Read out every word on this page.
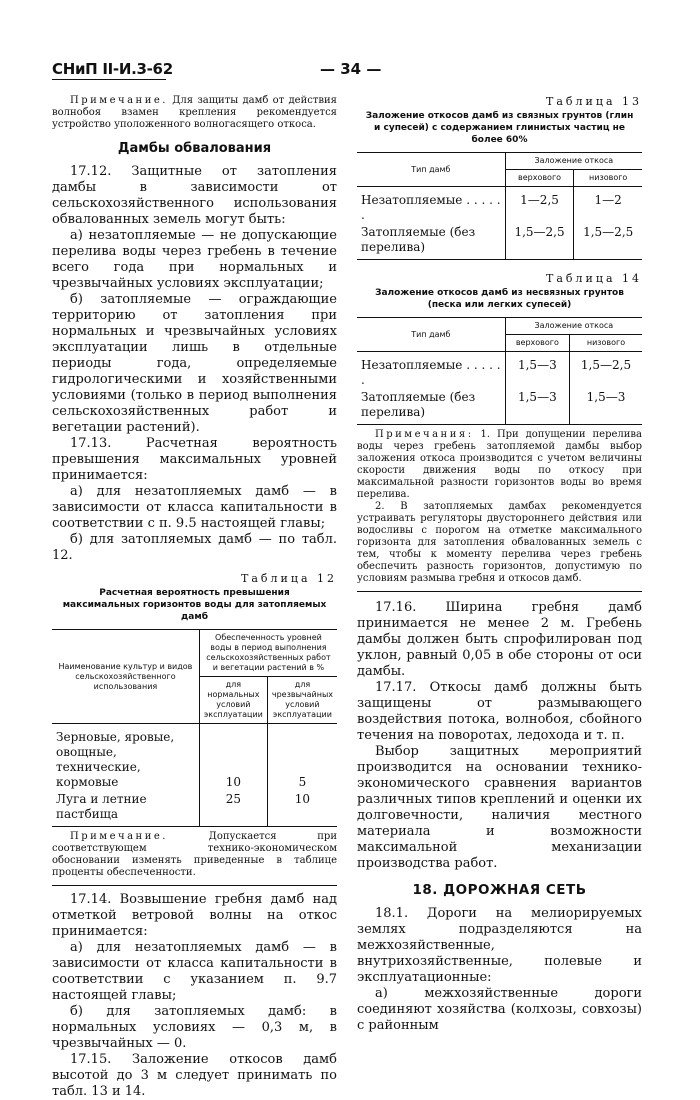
СНиП II-И.3-62	— 34 —
Примечание. Для защиты дамб от действия волнобоя взамен крепления рекомендуется устройство уположенного волногасящего откоса.
Дамбы обвалования

17.12. Защитные от затопления дамбы в зависимости от сельскохозяйственного использования обвалованных земель могут быть:

а) незатопляемые — не допускающие перелива воды через гребень в течение всего года при нормальных и чрезвычайных условиях эксплуатации;

б) затопляемые — ограждающие территорию от затопления при нормальных и чрезвычайных условиях эксплуатации лишь в отдельные периоды года, определяемые гидрологическими и хозяйственными условиями (только в период выполнения сельскохозяйственных работ и вегетации растений).

17.13. Расчетная вероятность превышения максимальных уровней принимается:

а) для незатопляемых дамб — в зависимости от класса капитальности в соответствии с п. 9.5 настоящей главы;

б) для затопляемых дамб — по табл. 12.

Таблица 12
Расчетная вероятность превышения максимальных горизонтов воды для затопляемых дамб
Наименование культур и видов сельскохозяйственного использования	Обеспеченность уровней воды в период выполнения сельскохозяйственных работ и вегетации растений в %	
	для нормальных условий эксплуатации	для чрезвычайных условий эксплуатации
Зерновые, яровые, овощные, технические, кормовые	10	5
Луга и летние пастбища	25	10
Примечание. Допускается при соответствующем технико-экономическом обосновании изменять приведенные в таблице проценты обеспеченности.

17.14. Возвышение гребня дамб над отметкой ветровой волны на откос принимается:

а) для незатопляемых дамб — в зависимости от класса капитальности в соответствии с указанием п. 9.7 настоящей главы;

б) для затопляемых дамб: в нормальных условиях — 0,3 м, в чрезвычайных — 0.

17.15. Заложение откосов дамб высотой до 3 м следует принимать по табл. 13 и 14.

Таблица 13
Заложение откосов дамб из связных грунтов (глин и супесей) с содержанием глинистых частиц не более 60%
Тип дамб	Заложение откоса	
	верхового	низового
Незатопляемые . . . . . .	1—2,5	1—2
Затопляемые (без перелива)	1,5—2,5	1,5—2,5
Таблица 14
Заложение откосов дамб из несвязных грунтов (песка или легких супесей)
Тип дамб	Заложение откоса	
	верхового	низового
Незатопляемые . . . . . .	1,5—3	1,5—2,5
Затопляемые (без перелива)	1,5—3	1,5—3
Примечания: 1. При допущении перелива воды через гребень затопляемой дамбы выбор заложения откоса производится с учетом величины скорости движения воды по откосу при максимальной разности горизонтов воды во время перелива.
2. В затопляемых дамбах рекомендуется устраивать регуляторы двустороннего действия или водосливы с порогом на отметке максимального горизонта для затопления обвалованных земель с тем, чтобы к моменту перелива через гребень обеспечить разность горизонтов, допустимую по условиям размыва гребня и откосов дамб.

17.16. Ширина гребня дамб принимается не менее 2 м. Гребень дамбы должен быть спрофилирован под уклон, равный 0,05 в обе стороны от оси дамбы.

17.17. Откосы дамб должны быть защищены от размывающего воздействия потока, волнобоя, сбойного течения на поворотах, ледохода и т. п.

Выбор защитных мероприятий производится на основании технико-экономического сравнения вариантов различных типов креплений и оценки их долговечности, наличия местного материала и возможности максимальной механизации производства работ.

18. ДОРОЖНАЯ СЕТЬ

18.1. Дороги на мелиорируемых землях подразделяются на межхозяйственные, внутрихозяйственные, полевые и эксплуатационные:

а) межхозяйственные дороги соединяют хозяйства (колхозы, совхозы) с районным
